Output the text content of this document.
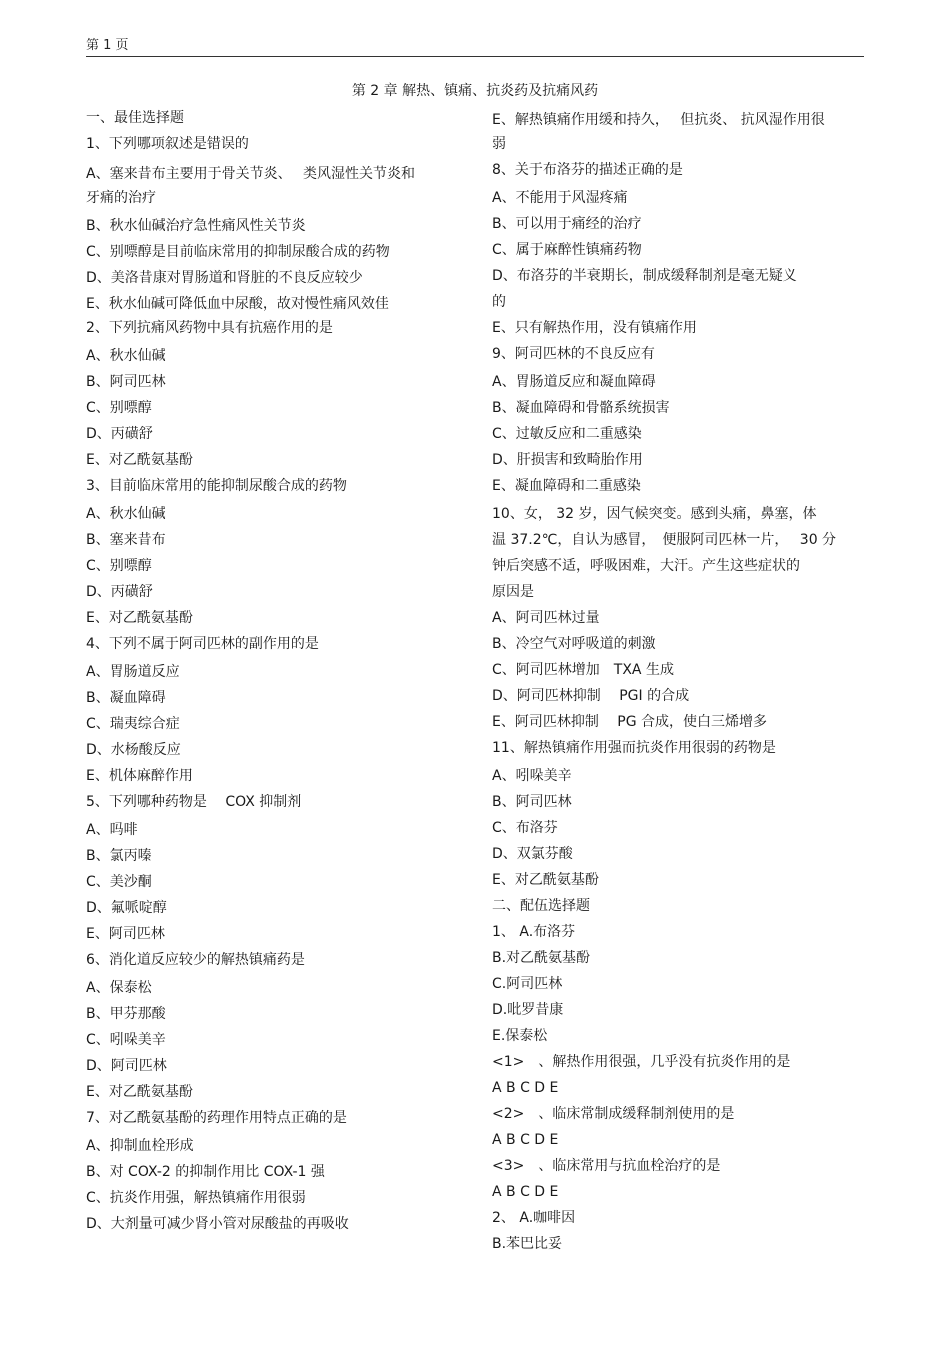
第 1 页
第 2 章 解热、镇痛、抗炎药及抗痛风药
一、最佳选择题
1、下列哪项叙述是错误的
A、塞来昔布主要用于骨关节炎、　 类风湿性关节炎和
牙痛的治疗
B、秋水仙碱治疗急性痛风性关节炎
C、别嘌醇是目前临床常用的抑制尿酸合成的药物
D、美洛昔康对胃肠道和肾脏的不良反应较少
E、秋水仙碱可降低血中尿酸，故对慢性痛风效佳
2、下列抗痛风药物中具有抗癌作用的是
A、秋水仙碱
B、阿司匹林
C、别嘌醇
D、丙磺舒
E、对乙酰氨基酚
3、目前临床常用的能抑制尿酸合成的药物
A、秋水仙碱
B、塞来昔布
C、别嘌醇
D、丙磺舒
E、对乙酰氨基酚
4、下列不属于阿司匹林的副作用的是
A、胃肠道反应
B、凝血障碍
C、瑞夷综合症
D、水杨酸反应
E、机体麻醉作用
5、下列哪种药物是　 COX 抑制剂
A、吗啡
B、氯丙嗪
C、美沙酮
D、氟哌啶醇
E、阿司匹林
6、消化道反应较少的解热镇痛药是
A、保泰松
B、甲芬那酸
C、吲哚美辛
D、阿司匹林
E、对乙酰氨基酚
7、对乙酰氨基酚的药理作用特点正确的是
A、抑制血栓形成
B、对 COX-2 的抑制作用比 COX-1 强
C、抗炎作用强，解热镇痛作用很弱
D、大剂量可减少肾小管对尿酸盐的再吸收
E、解热镇痛作用缓和持久，　 但抗炎、 抗风湿作用很
弱
8、关于布洛芬的描述正确的是
A、不能用于风湿疼痛
B、可以用于痛经的治疗
C、属于麻醉性镇痛药物
D、布洛芬的半衰期长，制成缓释制剂是毫无疑义
的
E、只有解热作用，没有镇痛作用
9、阿司匹林的不良反应有
A、胃肠道反应和凝血障碍
B、凝血障碍和骨骼系统损害
C、过敏反应和二重感染
D、肝损害和致畸胎作用
E、凝血障碍和二重感染
10、女， 32 岁，因气候突变。感到头痛，鼻塞，体
温 37.2℃，自认为感冒，　便服阿司匹林一片，　 30 分
钟后突感不适，呼吸困难，大汗。产生这些症状的
原因是
A、阿司匹林过量
B、冷空气对呼吸道的刺激
C、阿司匹林增加　TXA 生成
D、阿司匹林抑制　 PGI 的合成
E、阿司匹林抑制　 PG 合成，使白三烯增多
11、解热镇痛作用强而抗炎作用很弱的药物是
A、吲哚美辛
B、阿司匹林
C、布洛芬
D、双氯芬酸
E、对乙酰氨基酚
二、配伍选择题
1、 A.布洛芬
B.对乙酰氨基酚
C.阿司匹林
D.吡罗昔康
E.保泰松
<1>　、解热作用很强，几乎没有抗炎作用的是
A B C D E
<2>　、临床常制成缓释制剂使用的是
A B C D E
<3>　、临床常用与抗血栓治疗的是
A B C D E
2、 A.咖啡因
B.苯巴比妥
